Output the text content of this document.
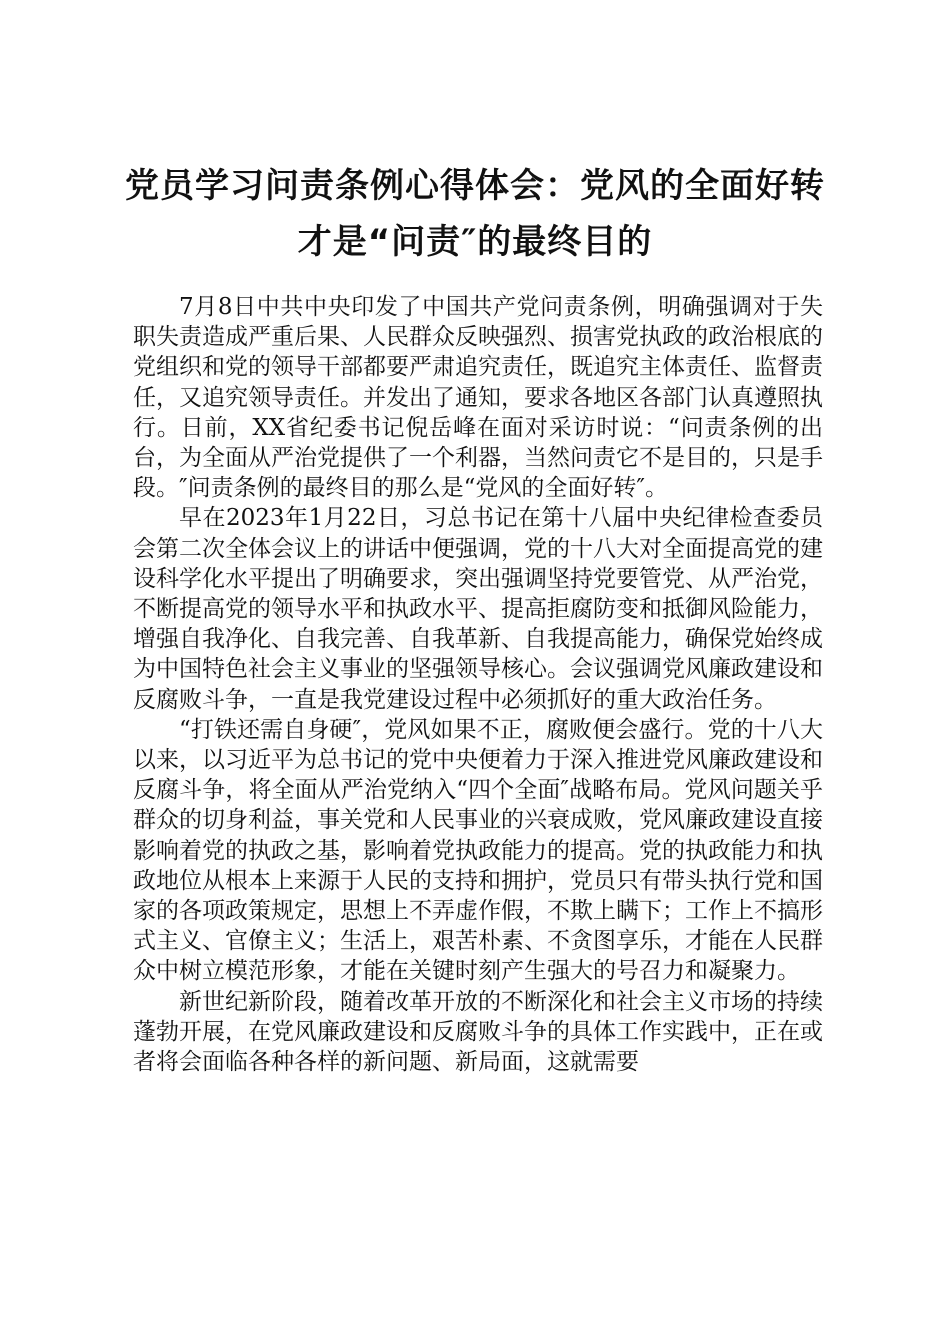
党员学习问责条例心得体会：党风的全面好转
才是“问责″的最终目的

7月8日中共中央印发了中国共产党问责条例，明确强调对于失职失责造成严重后果、人民群众反映强烈、损害党执政的政治根底的党组织和党的领导干部都要严肃追究责任，既追究主体责任、监督责任，又追究领导责任。并发出了通知，要求各地区各部门认真遵照执行。日前，XX省纪委书记倪岳峰在面对采访时说：“问责条例的出台，为全面从严治党提供了一个利器，当然问责它不是目的，只是手段。″问责条例的最终目的那么是“党风的全面好转″。

早在2023年1月22日，习总书记在第十八届中央纪律检查委员会第二次全体会议上的讲话中便强调，党的十八大对全面提高党的建设科学化水平提出了明确要求，突出强调坚持党要管党、从严治党，不断提高党的领导水平和执政水平、提高拒腐防变和抵御风险能力，增强自我净化、自我完善、自我革新、自我提高能力，确保党始终成为中国特色社会主义事业的坚强领导核心。会议强调党风廉政建设和反腐败斗争，一直是我党建设过程中必须抓好的重大政治任务。

“打铁还需自身硬″，党风如果不正，腐败便会盛行。党的十八大以来，以习近平为总书记的党中央便着力于深入推进党风廉政建设和反腐斗争，将全面从严治党纳入“四个全面″战略布局。党风问题关乎群众的切身利益，事关党和人民事业的兴衰成败，党风廉政建设直接影响着党的执政之基，影响着党执政能力的提高。党的执政能力和执政地位从根本上来源于人民的支持和拥护，党员只有带头执行党和国家的各项政策规定，思想上不弄虚作假，不欺上瞒下；工作上不搞形式主义、官僚主义；生活上，艰苦朴素、不贪图享乐，才能在人民群众中树立模范形象，才能在关键时刻产生强大的号召力和凝聚力。

新世纪新阶段，随着改革开放的不断深化和社会主义市场的持续蓬勃开展，在党风廉政建设和反腐败斗争的具体工作实践中，正在或者将会面临各种各样的新问题、新局面，这就需要
